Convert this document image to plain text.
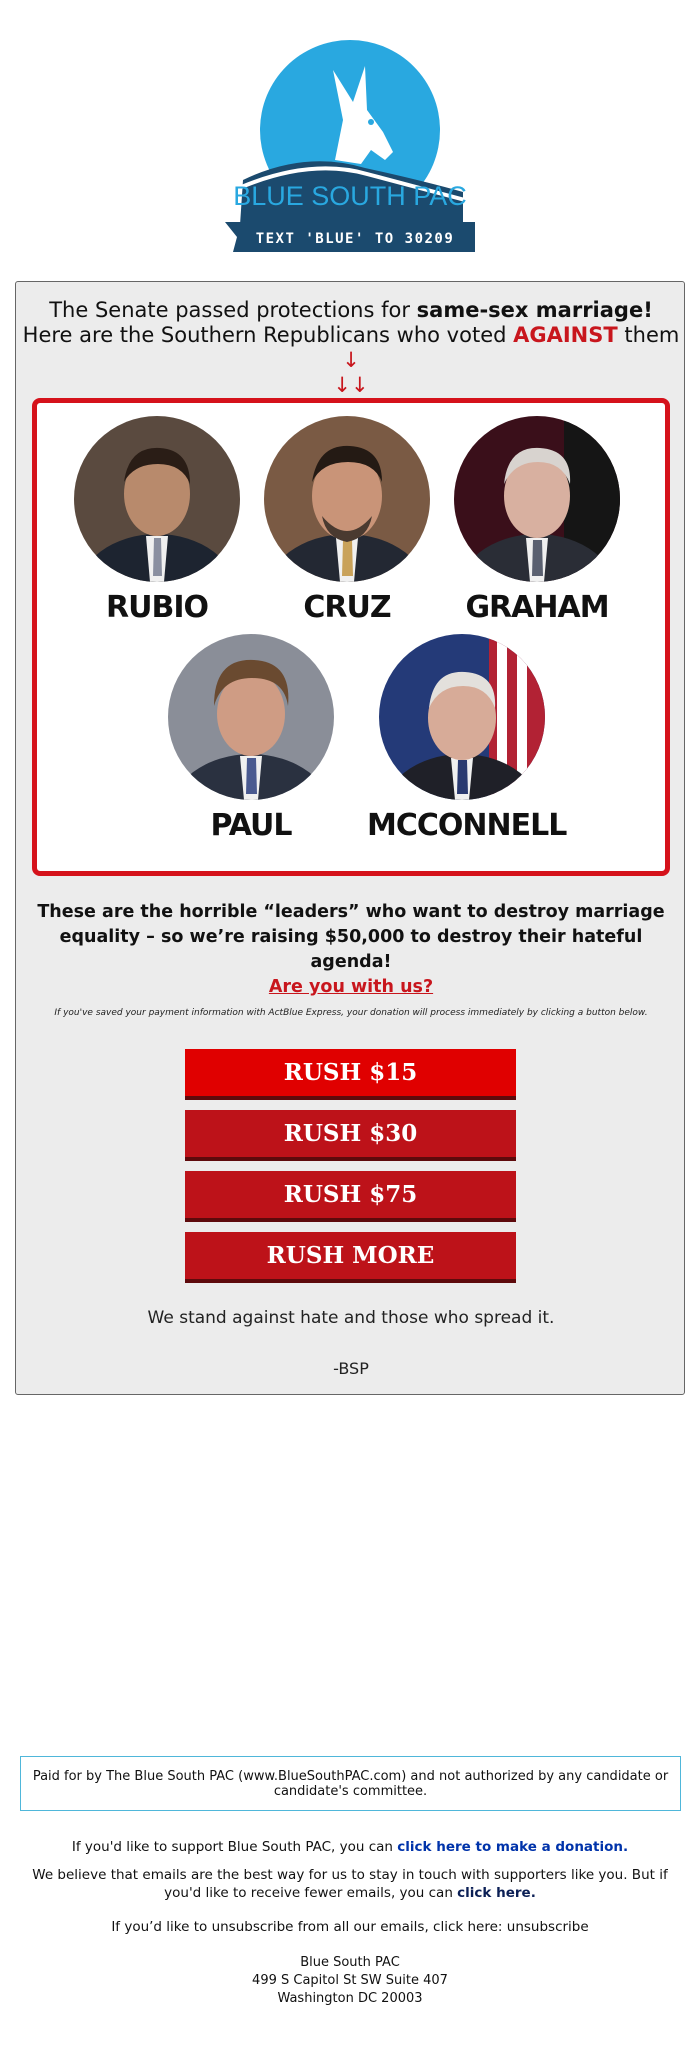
BLUE SOUTH PAC
TEXT 'BLUE' TO 30209
The Senate passed protections for same-sex marriage!
Here are the Southern Republicans who voted AGAINST them ↓
↓↓
RUBIO	CRUZ	GRAHAM
PAUL	MCCONNELL
These are the horrible “leaders” who want to destroy marriage equality – so we’re raising $50,000 to destroy their hateful agenda!
Are you with us?
If you've saved your payment information with ActBlue Express, your donation will process immediately by clicking a button below.
RUSH $15
RUSH $30
RUSH $75
RUSH MORE
We stand against hate and those who spread it.
-BSP
Paid for by The Blue South PAC (www.BlueSouthPAC.com) and not authorized by any candidate or candidate's committee.
If you'd like to support Blue South PAC, you can click here to make a donation.
We believe that emails are the best way for us to stay in touch with supporters like you. But if you'd like to receive fewer emails, you can click here.
If you’d like to unsubscribe from all our emails, click here: unsubscribe
Blue South PAC
499 S Capitol St SW Suite 407
Washington DC 20003
